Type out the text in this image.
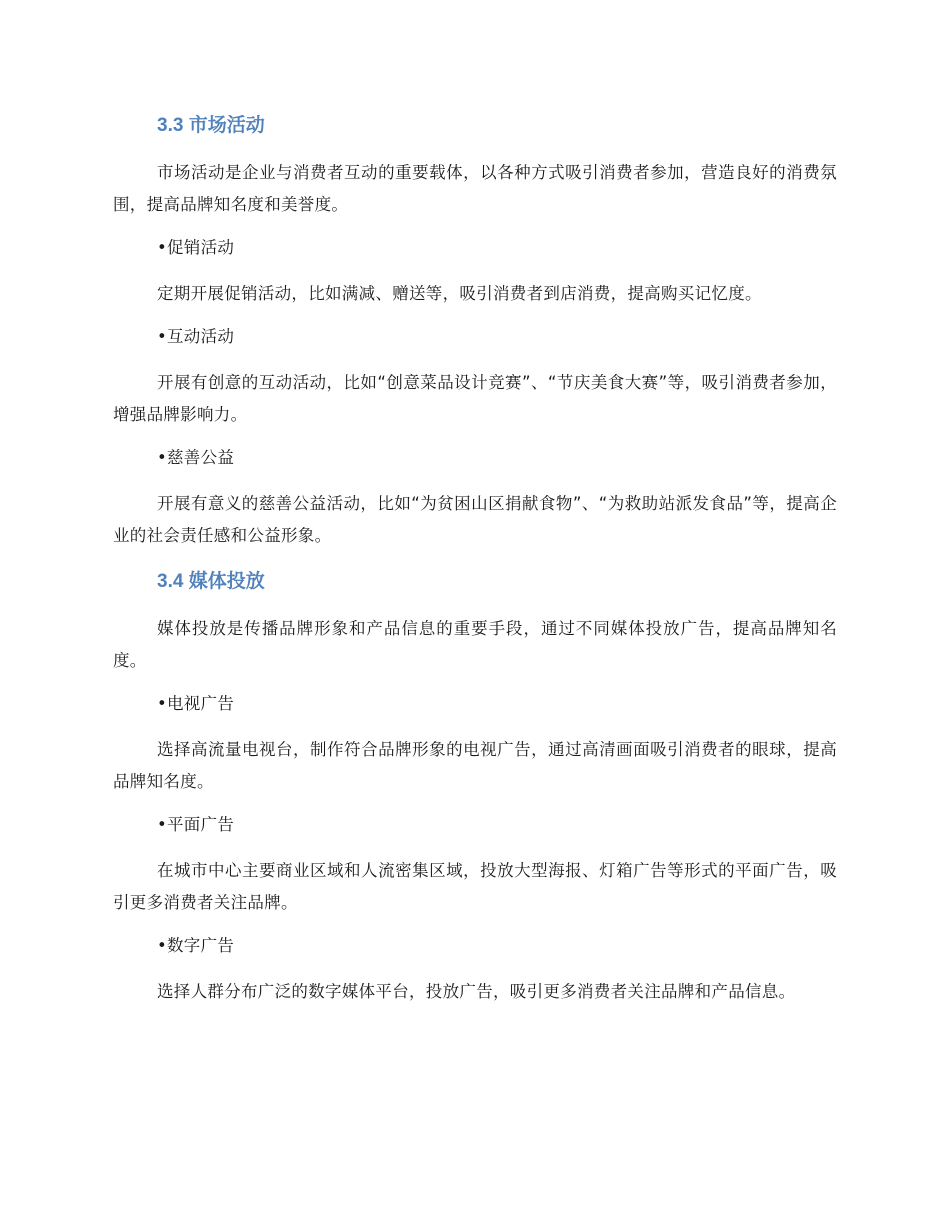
3.3 市场活动

市场活动是企业与消费者互动的重要载体，以各种方式吸引消费者参加，营造良好的消费氛围，提高品牌知名度和美誉度。

•促销活动

定期开展促销活动，比如满减、赠送等，吸引消费者到店消费，提高购买记忆度。

•互动活动

开展有创意的互动活动，比如“创意菜品设计竞赛”、“节庆美食大赛”等，吸引消费者参加，增强品牌影响力。

•慈善公益

开展有意义的慈善公益活动，比如“为贫困山区捐献食物”、“为救助站派发食品”等，提高企业的社会责任感和公益形象。

3.4 媒体投放

媒体投放是传播品牌形象和产品信息的重要手段，通过不同媒体投放广告，提高品牌知名度。

•电视广告

选择高流量电视台，制作符合品牌形象的电视广告，通过高清画面吸引消费者的眼球，提高品牌知名度。

•平面广告

在城市中心主要商业区域和人流密集区域，投放大型海报、灯箱广告等形式的平面广告，吸引更多消费者关注品牌。

•数字广告

选择人群分布广泛的数字媒体平台，投放广告，吸引更多消费者关注品牌和产品信息。
